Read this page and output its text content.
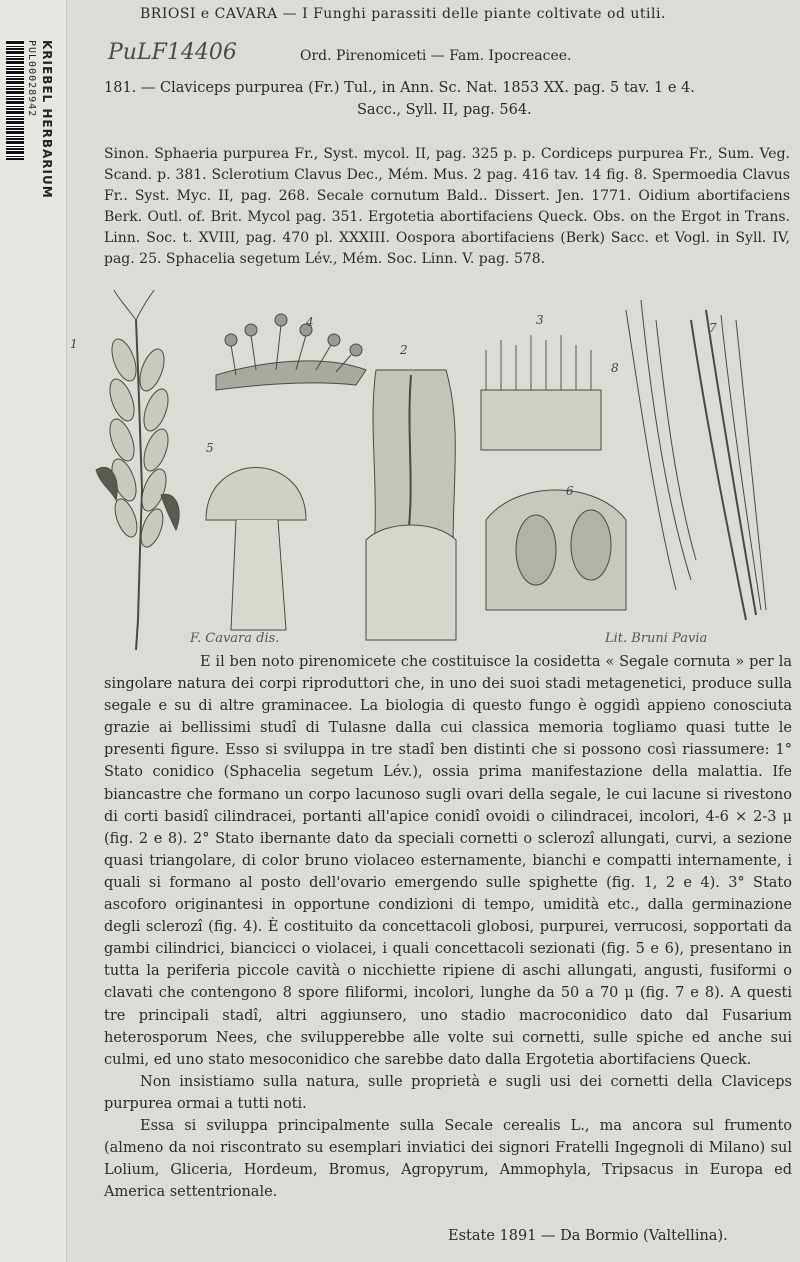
PUL00028942 KRIEBEL HERBARIUM
BRIOSI e CAVARA — I Funghi parassiti delle piante coltivate od utili.
PuLF14406	Ord. Pirenomiceti — Fam. Ipocreacee.
181. — Claviceps purpurea (Fr.) Tul., in Ann. Sc. Nat. 1853 XX. pag. 5 tav. 1 e 4.
Sacc., Syll. II, pag. 564.
Sinon. Sphaeria purpurea Fr., Syst. mycol. II, pag. 325 p. p. Cordiceps purpurea Fr., Sum. Veg. Scand. p. 381. Sclerotium Clavus Dec., Mém. Mus. 2 pag. 416 tav. 14 fig. 8. Spermoedia Clavus Fr.. Syst. Myc. II, pag. 268. Secale cornutum Bald.. Dissert. Jen. 1771. Oidium abortifaciens Berk. Outl. of. Brit. Mycol pag. 351. Ergotetia abortifaciens Queck. Obs. on the Ergot in Trans. Linn. Soc. t. XVIII, pag. 470 pl. XXXIII. Oospora abortifaciens (Berk) Sacc. et Vogl. in Syll. IV, pag. 25. Sphacelia segetum Lév., Mém. Soc. Linn. V. pag. 578.
1	2
3
4
5
6
7
8
F. Cavara dis.	Lit. Bruni Pavia

E il ben noto pirenomicete che costituisce la cosidetta « Segale cornuta » per la singolare natura dei corpi riproduttori che, in uno dei suoi stadi metagenetici, produce sulla segale e su di altre graminacee. La biologia di questo fungo è oggidì appieno conosciuta grazie ai bellissimi studî di Tulasne dalla cui classica memoria togliamo quasi tutte le presenti figure. Esso si sviluppa in tre stadî ben distinti che si possono così riassumere: 1° Stato conidico (Sphacelia segetum Lév.), ossia prima manifestazione della malattia. Ife biancastre che formano un corpo lacunoso sugli ovari della segale, le cui lacune si rivestono di corti basidî cilindracei, portanti all'apice conidî ovoidi o cilindracei, incolori, 4-6 × 2-3 μ (fig. 2 e 8). 2° Stato ibernante dato da speciali cornetti o sclerozî allungati, curvi, a sezione quasi triangolare, di color bruno violaceo esternamente, bianchi e compatti internamente, i quali si formano al posto dell'ovario emergendo sulle spighette (fig. 1, 2 e 4). 3° Stato ascoforo originantesi in opportune condizioni di tempo, umidità etc., dalla germinazione degli sclerozî (fig. 4). È costituito da concettacoli globosi, purpurei, verrucosi, sopportati da gambi cilindrici, biancicci o violacei, i quali concettacoli sezionati (fig. 5 e 6), presentano in tutta la periferia piccole cavità o nicchiette ripiene di aschi allungati, angusti, fusiformi o clavati che contengono 8 spore filiformi, incolori, lunghe da 50 a 70 μ (fig. 7 e 8). A questi tre principali stadî, altri aggiunsero, uno stadio macroconidico dato dal Fusarium heterosporum Nees, che svilupperebbe alle volte sui cornetti, sulle spiche ed anche sui culmi, ed uno stato mesoconidico che sarebbe dato dalla Ergotetia abortifaciens Queck.

Non insistiamo sulla natura, sulle proprietà e sugli usi dei cornetti della Claviceps purpurea ormai a tutti noti.

Essa si sviluppa principalmente sulla Secale cerealis L., ma ancora sul frumento (almeno da noi riscontrato su esemplari inviatici dei signori Fratelli Ingegnoli di Milano) sul Lolium, Gliceria, Hordeum, Bromus, Agropyrum, Ammophyla, Tripsacus in Europa ed America settentrionale.

Estate 1891 — Da Bormio (Valtellina).
